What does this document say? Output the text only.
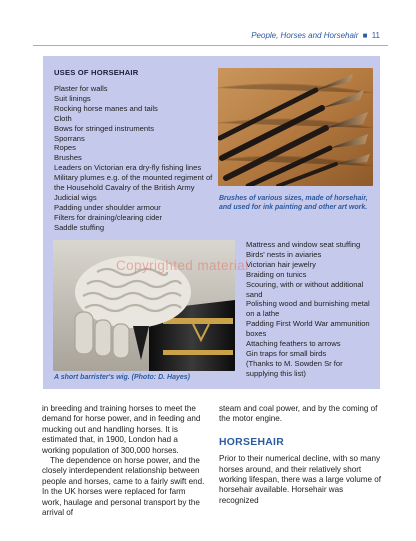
People, Horses and Horsehair ■ 11
USES OF HORSEHAIR
Plaster for walls
Suit linings
Rocking horse manes and tails
Cloth
Bows for stringed instruments
Sporrans
Ropes
Brushes
Leaders on Victorian era dry-fly fishing lines
Military plumes e.g. of the mounted regiment of the Household Cavalry of the British Army
Judicial wigs
Padding under shoulder armour
Filters for draining/clearing cider
Saddle stuffing
Brushes of various sizes, made of horsehair, and used for ink painting and other art work.
A short barrister's wig. (Photo: D. Hayes)
Mattress and window seat stuffing
Birds' nests in aviaries
Victorian hair jewelry
Braiding on tunics
Scouring, with or without additional sand
Polishing wood and burnishing metal on a lathe
Padding First World War ammunition boxes
Attaching feathers to arrows
Gin traps for small birds
(Thanks to M. Sowden Sr for supplying this list)
Copyrighted material

in breeding and training horses to meet the demand for horse power, and in feeding and mucking out and handling horses. It is estimated that, in 1900, London had a working population of 300,000 horses.

The dependence on horse power, and the closely interdependent relationship between people and horses, came to a fairly swift end. In the UK horses were replaced for farm work, haulage and personal transport by the arrival of

steam and coal power, and by the coming of the motor engine.

HORSEHAIR

Prior to their numerical decline, with so many horses around, and their relatively short working lifespan, there was a large volume of horsehair available. Horsehair was recognized
